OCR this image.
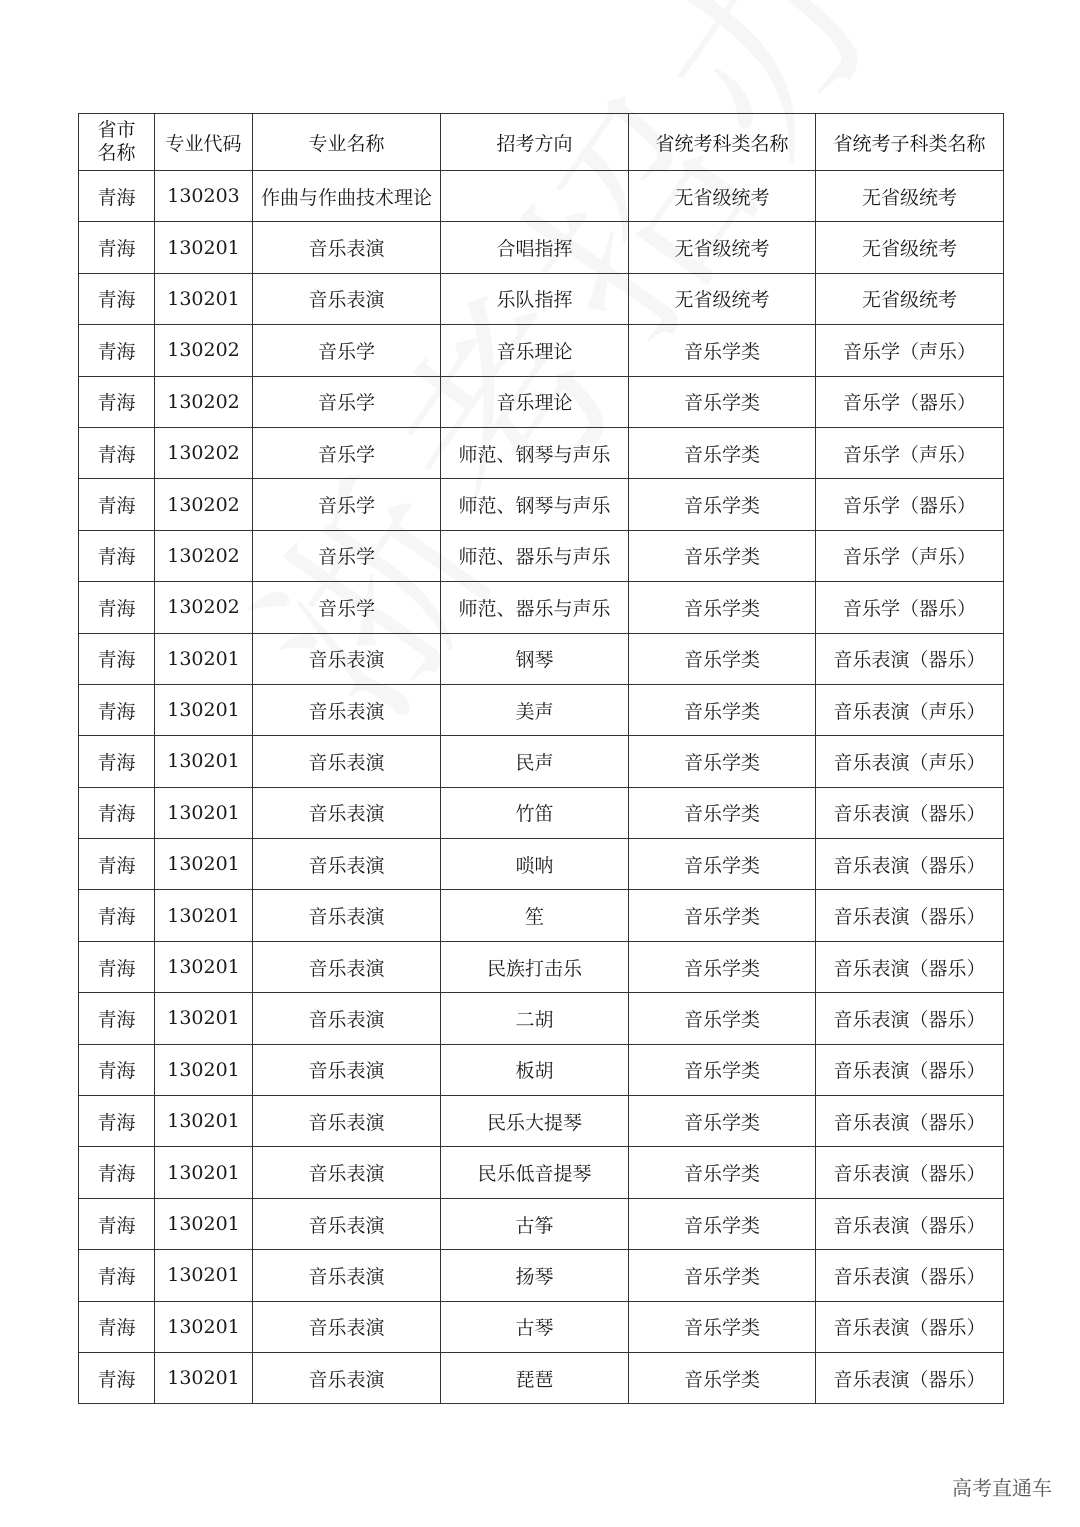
省市
名称	专业代码	专业名称	招考方向	省统考科类名称	省统考子科类名称
青海	130203	作曲与作曲技术理论		无省级统考	无省级统考
青海	130201	音乐表演	合唱指挥	无省级统考	无省级统考
青海	130201	音乐表演	乐队指挥	无省级统考	无省级统考
青海	130202	音乐学	音乐理论	音乐学类	音乐学（声乐）
青海	130202	音乐学	音乐理论	音乐学类	音乐学（器乐）
青海	130202	音乐学	师范、钢琴与声乐	音乐学类	音乐学（声乐）
青海	130202	音乐学	师范、钢琴与声乐	音乐学类	音乐学（器乐）
青海	130202	音乐学	师范、器乐与声乐	音乐学类	音乐学（声乐）
青海	130202	音乐学	师范、器乐与声乐	音乐学类	音乐学（器乐）
青海	130201	音乐表演	钢琴	音乐学类	音乐表演（器乐）
青海	130201	音乐表演	美声	音乐学类	音乐表演（声乐）
青海	130201	音乐表演	民声	音乐学类	音乐表演（声乐）
青海	130201	音乐表演	竹笛	音乐学类	音乐表演（器乐）
青海	130201	音乐表演	唢呐	音乐学类	音乐表演（器乐）
青海	130201	音乐表演	笙	音乐学类	音乐表演（器乐）
青海	130201	音乐表演	民族打击乐	音乐学类	音乐表演（器乐）
青海	130201	音乐表演	二胡	音乐学类	音乐表演（器乐）
青海	130201	音乐表演	板胡	音乐学类	音乐表演（器乐）
青海	130201	音乐表演	民乐大提琴	音乐学类	音乐表演（器乐）
青海	130201	音乐表演	民乐低音提琴	音乐学类	音乐表演（器乐）
青海	130201	音乐表演	古筝	音乐学类	音乐表演（器乐）
青海	130201	音乐表演	扬琴	音乐学类	音乐表演（器乐）
青海	130201	音乐表演	古琴	音乐学类	音乐表演（器乐）
青海	130201	音乐表演	琵琶	音乐学类	音乐表演（器乐）
高考直通车
